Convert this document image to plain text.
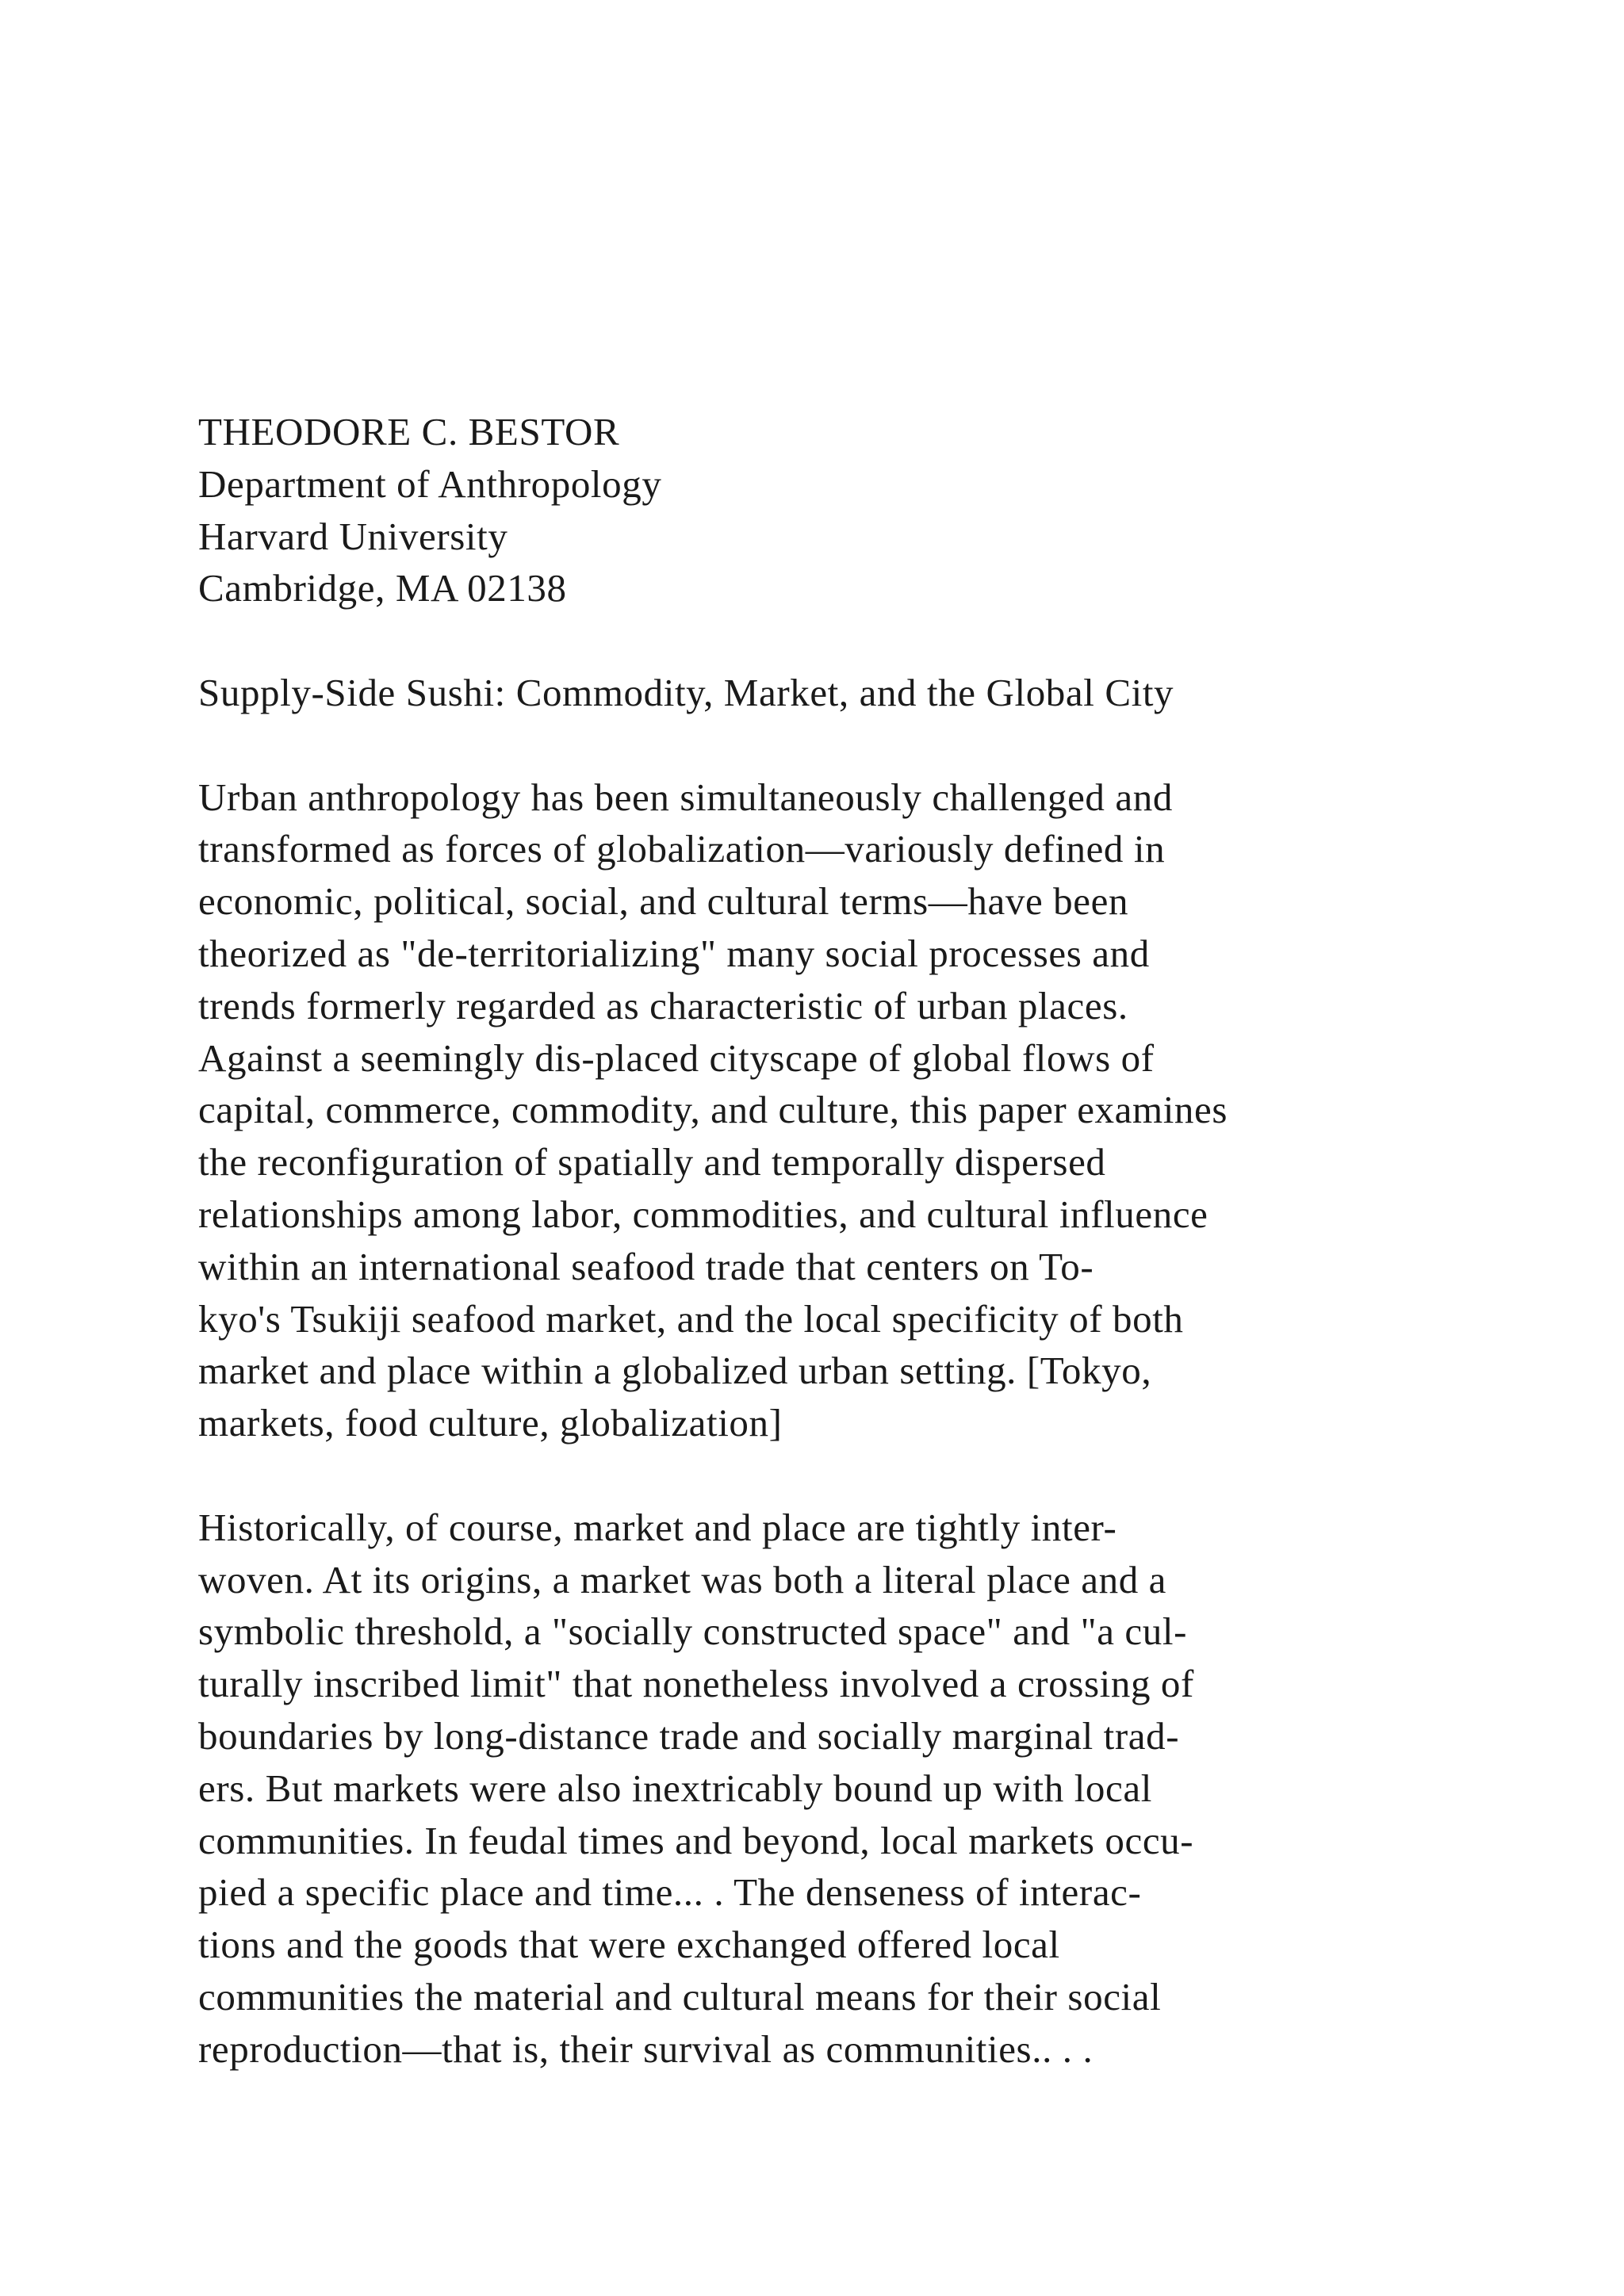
THEODORE C. BESTOR
Department of Anthropology
Harvard University
Cambridge, MA 02138
Supply-Side Sushi: Commodity, Market, and the Global City
Urban anthropology has been simultaneously challenged and
transformed as forces of globalization—variously defined in
economic, political, social, and cultural terms—have been
theorized as "de-territorializing" many social processes and
trends formerly regarded as characteristic of urban places.
Against a seemingly dis-placed cityscape of global flows of
capital, commerce, commodity, and culture, this paper examines
the reconfiguration of spatially and temporally dispersed
relationships among labor, commodities, and cultural influence
within an international seafood trade that centers on To-
kyo's Tsukiji seafood market, and the local specificity of both
market and place within a globalized urban setting. [Tokyo,
markets, food culture, globalization]
Historically, of course, market and place are tightly inter-
woven. At its origins, a market was both a literal place and a
symbolic threshold, a "socially constructed space" and "a cul-
turally inscribed limit" that nonetheless involved a crossing of
boundaries by long-distance trade and socially marginal trad-
ers. But markets were also inextricably bound up with local
communities. In feudal times and beyond, local markets occu-
pied a specific place and time... . The denseness of interac-
tions and the goods that were exchanged offered local
communities the material and cultural means for their social
reproduction—that is, their survival as communities.. . .
